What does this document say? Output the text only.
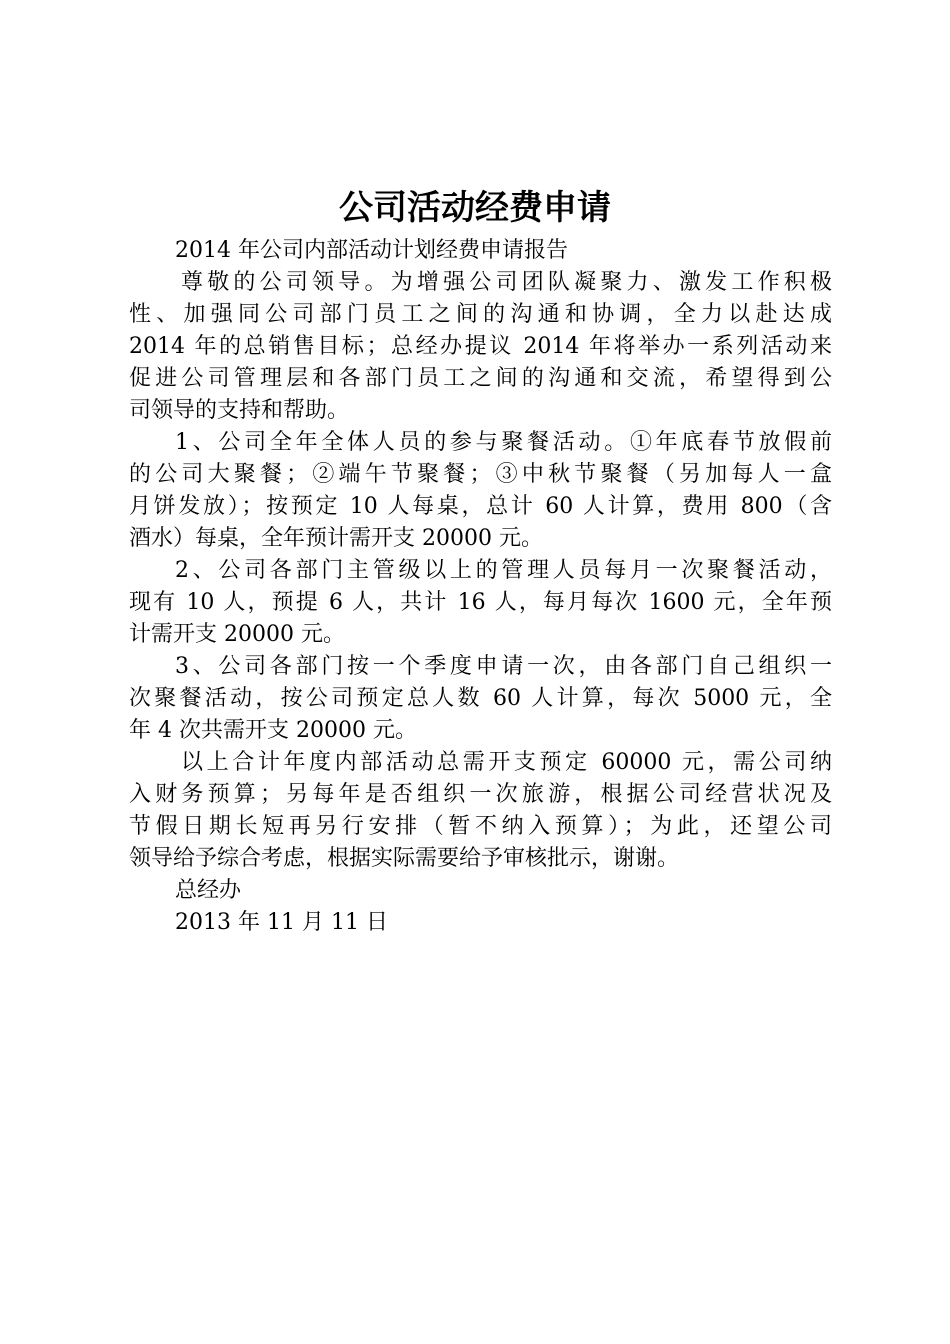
公司活动经费申请
2014 年公司内部活动计划经费申请报告
尊敬的公司领导。为增强公司团队凝聚力、激发工作积极
性、加强同公司部门员工之间的沟通和协调，全力以赴达成
2014 年的总销售目标；总经办提议 2014 年将举办一系列活动来
促进公司管理层和各部门员工之间的沟通和交流，希望得到公
司领导的支持和帮助。
1、公司全年全体人员的参与聚餐活动。①年底春节放假前
的公司大聚餐；②端午节聚餐；③中秋节聚餐（另加每人一盒
月饼发放）；按预定 10 人每桌，总计 60 人计算，费用 800（含
酒水）每桌，全年预计需开支 20000 元。
2、公司各部门主管级以上的管理人员每月一次聚餐活动，
现有 10 人，预提 6 人，共计 16 人，每月每次 1600 元，全年预
计需开支 20000 元。
3、公司各部门按一个季度申请一次，由各部门自己组织一
次聚餐活动，按公司预定总人数 60 人计算，每次 5000 元，全
年 4 次共需开支 20000 元。
以上合计年度内部活动总需开支预定 60000 元，需公司纳
入财务预算；另每年是否组织一次旅游，根据公司经营状况及
节假日期长短再另行安排（暂不纳入预算）；为此，还望公司
领导给予综合考虑，根据实际需要给予审核批示，谢谢。
总经办
2013 年 11 月 11 日
